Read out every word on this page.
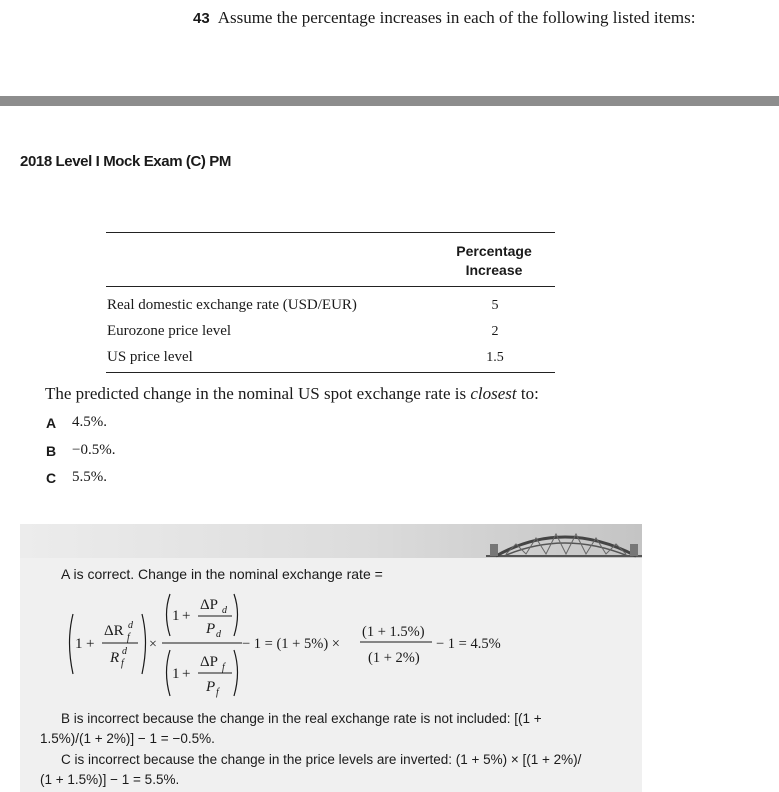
43 Assume the percentage increases in each of the following listed items:
2018 Level I Mock Exam (C) PM
Percentage
Increase
Real domestic exchange rate (USD/EUR)	5
Eurozone price level	2
US price level	1.5
The predicted change in the nominal US spot exchange rate is closest to:
A 4.5%.
B −0.5%.
C 5.5%.
A is correct. Change in the nominal exchange rate =
1 +
ΔR d
f
R d
f
×
1 +
ΔP d
P d
1 +
ΔP f
P f
− 1 = (1 + 5%) ×
(1 + 1.5%)
(1 + 2%)
− 1 = 4.5%
B is incorrect because the change in the real exchange rate is not included: [(1 +
1.5%)/(1 + 2%)] − 1 = −0.5%.
C is incorrect because the change in the price levels are inverted: (1 + 5%) × [(1 + 2%)/
(1 + 1.5%)] − 1 = 5.5%.
